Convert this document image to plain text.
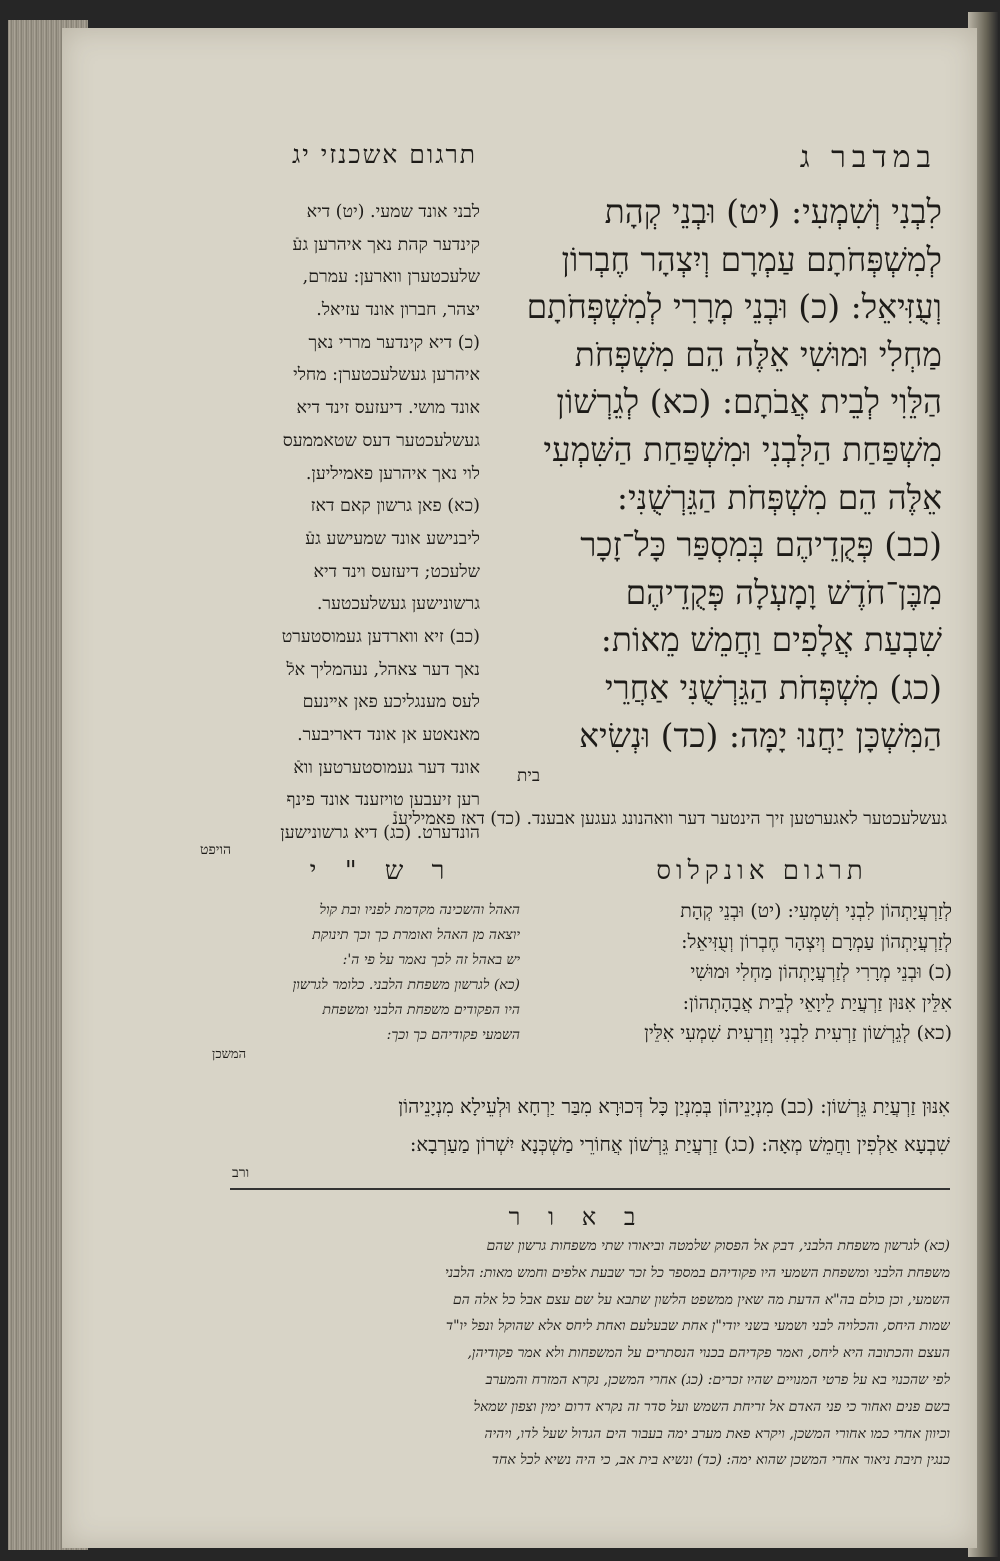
במדבר ג
תרגום אשכנזי יג
לִבְנִי וְשִׁמְעִי: (יט) וּבְנֵי קְהָת
לְמִשְׁפְּחֹתָם עַמְרָם וְיִצְהָר חֶבְרוֹן
וְעֻזִּיאֵל: (כ) וּבְנֵי מְרָרִי לְמִשְׁפְּחֹתָם
מַחְלִי וּמוּשִׁי אֵלֶּה הֵם מִשְׁפְּחֹת
הַלֵּוִי לְבֵית אֲבֹתָם: (כא) לְגֵרְשׁוֹן
מִשְׁפַּחַת הַלִּבְנִי וּמִשְׁפַּחַת הַשִּׁמְעִי
אֵלֶּה הֵם מִשְׁפְּחֹת הַגֵּרְשֻׁנִּי:
(כב) פְּקֻדֵיהֶם בְּמִסְפַּר כָּל־זָכָר
מִבֶּן־חֹדֶשׁ וָמָעְלָה פְּקֻדֵיהֶם
שִׁבְעַת אֲלָפִים וַחֲמֵשׁ מֵאוֹת:
(כג) מִשְׁפְּחֹת הַגֵּרְשֻׁנִּי אַחֲרֵי
הַמִּשְׁכָּן יַחֲנוּ יָמָּה: (כד) וּנְשִׂיא
בית
לבני אונד שמעי. (יט) דיא
קינדער קהת נאך איהרען געֿ
שלעכטערן ווארען: עמרם,
יצהר, חברון אונד עזיאל.
(כ) דיא קינדער מררי נאך
איהרען געשלעכטערן: מחלי
אונד מושי. דיעזעס זינד דיא
געשלעכטער דעס שטאממעס
לוי נאך איהרען פאמיליען.
(כא) פאן גרשון קאם דאז
ליבנישע אונד שמעישע געֿ
שלעכט; דיעזעס וינד דיא
גרשונישען געשלעכטער.
(כב) זיא ווארדען געמוסטערט
נאך דער צאהל, נעהמליך אלֿ
לעס מענגליכע פאן אײנעם
מאנאטע אן אונד דאריבער.
אונד דער געמוסטערטען וואֿ
רען זיעבען טויזענד אונד פינף
הונדערט. (כג) דיא גרשונישען
געשלעכטער לאגערטען זיך הינטער דער וואהנונג געגען אבענד. (כד) דאז פאמיליענֿ
הויפט
תרגום אונקלוס
ר ש " י
לְזַרְעֲיָתְהוֹן לִבְנִי וְשִׁמְעִי: (יט) וּבְנֵי קְהָת
לְזַרְעֲיָתְהוֹן עַמְרָם וְיִצְהָר חֶבְרוֹן וְעֻזִּיאֵל:
(כ) וּבְנֵי מְרָרִי לְזַרְעֲיָתְהוֹן מַחְלִי וּמוּשִׁי
אִלֵּין אִנּוּן זַרְעֲיַת לֵיוָאֵי לְבֵית אֲבָהָתְהוֹן:
(כא) לְגֵרְשׁוֹן זַרְעִית לִבְנִי וְזַרְעִית שִׁמְעִי אִלֵּין
האהל והשכינה מקדמת לפניו ובת קול
יוצאה מן האהל ואומרת כך וכך תינוקת
יש באהל זה לכך נאמר על פי ה':
(כא) לגרשון משפחת הלבני. כלומר לגרשון
היו הפקודים משפחת הלבני ומשפחת
השמעי פקודיהם כך וכך:
המשכן
אִנּוּן זַרְעֲיַת גֵּרְשׁוֹן: (כב) מִנְיָנֵיהוֹן בְּמִנְיַן כָּל דְּכוּרָא מִבַּר יַרְחָא וּלְעֵילָא מִנְיָנֵיהוֹן
שִׁבְעָא אַלְפִין וַחֲמֵשׁ מְאָה: (כג) זַרְעֲיַת גֵּרְשׁוֹן אֲחוֹרֵי מַשְׁכְּנָא יִשְׁרוֹן מַעַרְבָא:
ורב
ב א ו ר
(כא) לגרשון משפחת הלבני, דבק אל הפסוק שלמטה וביאורו שתי משפחות גרשון שהם
משפחת הלבני ומשפחת השמעי היו פקודיהם במספר כל זכר שבעת אלפים וחמש מאות: הלבני
השמעי, וכן כולם בה"א הדעת מה שאין ממשפט הלשון שתבא על שם עצם אבל כל אלה הם
שמות היחס, והכלויה לבני ושמעי בשני יודי"ן אחת שבעלעם ואחת ליחס אלא שהוקל ונפל יו"ד
העצם והכתובה היא ליחס, ואמר פקדיהם בכנוי הנסתרים על המשפחות ולא אמר פקודיהן,
לפי שהכנוי בא על פרטי המנויים שהיו זכרים: (כג) אחרי המשכן, נקרא המזרח והמערב
בשם פנים ואחור כי פני האדם אל זריחת השמש ועל סדר זה נקרא דרום ימין וצפון שמאל
וכיוון אחרי כמו אחורי המשכן, ויקרא פאת מערב ימה בעבור הים הגדול שעל לדו, ויהיה
כנגין תיבת ניאור אחרי המשכן שהוא ימה: (כד) ונשיא בית אב, כי היה נשיא לכל אחד
